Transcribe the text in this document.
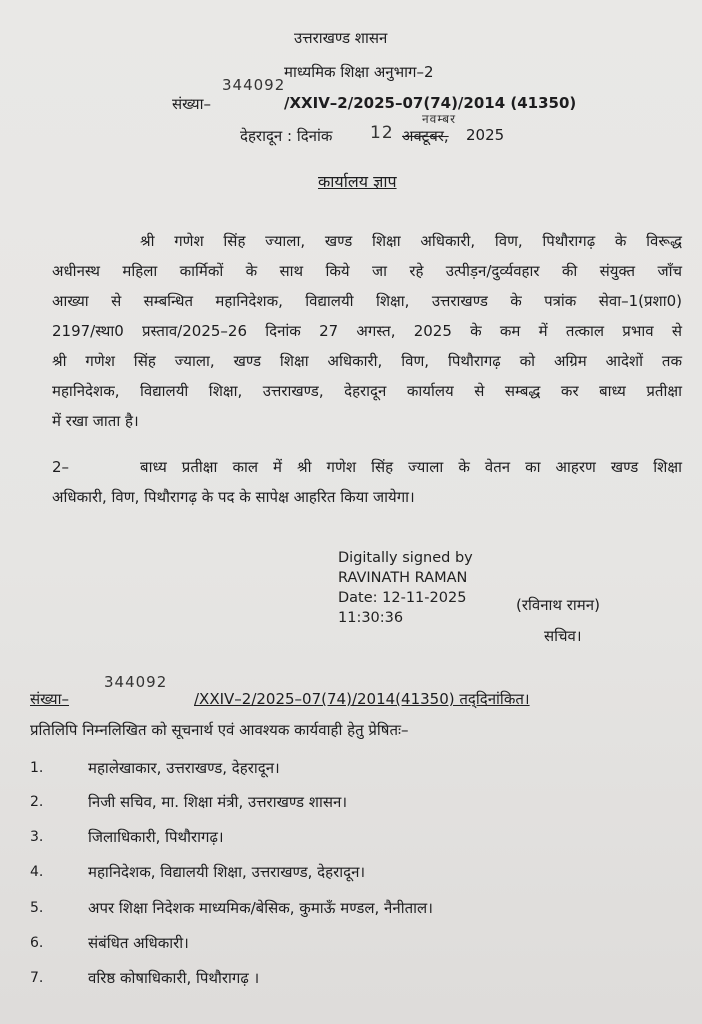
उत्तराखण्ड शासन
माध्यमिक शिक्षा अनुभाग–2
344092
संख्या–	/XXIV–2/2025–07(74)/2014 (41350)
नवम्बर
देहरादून : दिनांक 12 अक्टूबर, 2025
कार्यालय ज्ञाप
श्री गणेश सिंह ज्याला, खण्ड शिक्षा अधिकारी, विण, पिथौरागढ़ के विरूद्ध
अधीनस्थ महिला कार्मिकों के साथ किये जा रहे उत्पीड़न/दुर्व्यवहार की संयुक्त जाँच
आख्या से सम्बन्धित महानिदेशक, विद्यालयी शिक्षा, उत्तराखण्ड के पत्रांक सेवा–1(प्रशा0)
2197/स्था0 प्रस्ताव/2025–26 दिनांक 27 अगस्त, 2025 के कम में तत्काल प्रभाव से
श्री गणेश सिंह ज्याला, खण्ड शिक्षा अधिकारी, विण, पिथौरागढ़ को अग्रिम आदेशों तक
महानिदेशक, विद्यालयी शिक्षा, उत्तराखण्ड, देहरादून कार्यालय से सम्बद्ध कर बाध्य प्रतीक्षा
में रखा जाता है।
2–	बाध्य प्रतीक्षा काल में श्री गणेश सिंह ज्याला के वेतन का आहरण खण्ड शिक्षा
अधिकारी, विण, पिथौरागढ़ के पद के सापेक्ष आहरित किया जायेगा।
Digitally signed by
RAVINATH RAMAN
Date: 12-11-2025
11:30:36
(रविनाथ रामन)
सचिव।
344092
संख्या–	/XXIV–2/2025–07(74)/2014(41350) तद्‌दिनांकित।
प्रतिलिपि निम्नलिखित को सूचनार्थ एवं आवश्यक कार्यवाही हेतु प्रेषितः–
1.	महालेखाकार, उत्तराखण्ड, देहरादून।
2.	निजी सचिव, मा. शिक्षा मंत्री, उत्तराखण्ड शासन।
3.	जिलाधिकारी, पिथौरागढ़।
4.	महानिदेशक, विद्यालयी शिक्षा, उत्तराखण्ड, देहरादून।
5.	अपर शिक्षा निदेशक माध्यमिक/बेसिक, कुमाऊँ मण्डल, नैनीताल।
6.	संबंधित अधिकारी।
7.	वरिष्ठ कोषाधिकारी, पिथौरागढ़ ।
